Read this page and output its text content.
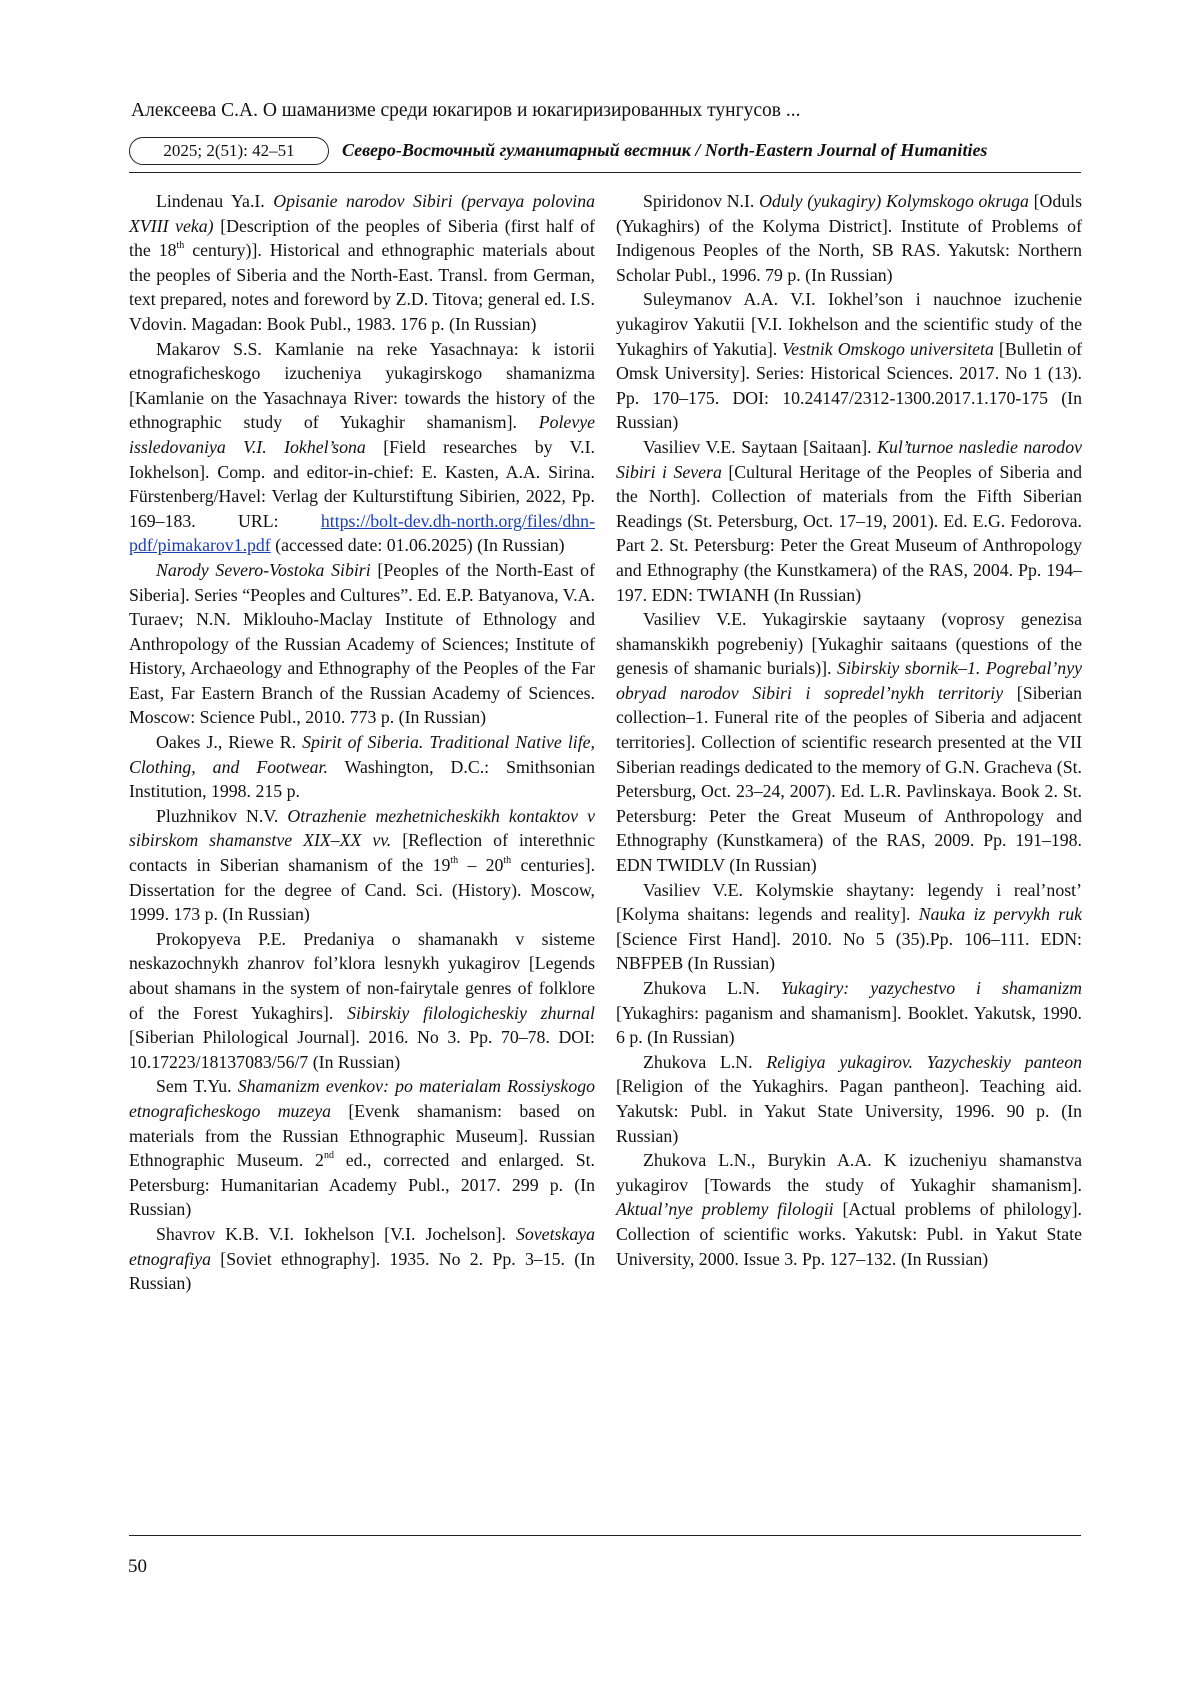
Алексеева С.А. О шаманизме среди юкагиров и юкагиризированных тунгусов ...
2025; 2(51): 42–51	Северо-Восточный гуманитарный вестник / North-Eastern Journal of Humanities

Lindenau Ya.I. Opisanie narodov Sibiri (pervaya polovina XVIII veka) [Description of the peoples of Siberia (first half of the 18th century)]. Historical and ethnographic materials about the peoples of Siberia and the North-East. Transl. from German, text prepared, notes and foreword by Z.D. Titova; general ed. I.S. Vdovin. Magadan: Book Publ., 1983. 176 p. (In Russian)

Makarov S.S. Kamlanie na reke Yasachnaya: k istorii etnograficheskogo izucheniya yukagirskogo shamanizma [Kamlanie on the Yasachnaya River: towards the history of the ethnographic study of Yukaghir shamanism]. Polevye issledovaniya V.I. Iokhel’sona [Field researches by V.I. Iokhelson]. Comp. and editor-in-chief: E. Kasten, A.A. Sirina. Fürstenberg/Havel: Verlag der Kulturstiftung Sibirien, 2022, Pp. 169–183. URL: https://bolt-dev.dh-north.org/files/dhn-pdf/pimakarov1.pdf (accessed date: 01.06.2025) (In Russian)

Narody Severo-Vostoka Sibiri [Peoples of the North-East of Siberia]. Series “Peoples and Cultures”. Ed. E.P. Batyanova, V.A. Turaev; N.N. Miklouho-Maclay Institute of Ethnology and Anthropology of the Russian Academy of Sciences; Institute of History, Archaeology and Ethnography of the Peoples of the Far East, Far Eastern Branch of the Russian Academy of Sciences. Moscow: Science Publ., 2010. 773 p. (In Russian)

Oakes J., Riewe R. Spirit of Siberia. Traditional Native life, Clothing, and Footwear. Washington, D.C.: Smithsonian Institution, 1998. 215 p.

Pluzhnikov N.V. Otrazhenie mezhetnicheskikh kontaktov v sibirskom shamanstve XIX–XX vv. [Reflection of interethnic contacts in Siberian shamanism of the 19th – 20th centuries]. Dissertation for the degree of Cand. Sci. (History). Moscow, 1999. 173 p. (In Russian)

Prokopyeva P.E. Predaniya o shamanakh v sisteme neskazochnykh zhanrov fol’klora lesnykh yukagirov [Legends about shamans in the system of non-fairytale genres of folklore of the Forest Yukaghirs]. Sibirskiy filologicheskiy zhurnal [Siberian Philological Journal]. 2016. No 3. Pp. 70–78. DOI: 10.17223/18137083/56/7 (In Russian)

Sem T.Yu. Shamanizm evenkov: po materialam Rossiyskogo etnograficheskogo muzeya [Evenk shamanism: based on materials from the Russian Ethnographic Museum]. Russian Ethnographic Museum. 2nd ed., corrected and enlarged. St. Petersburg: Humanitarian Academy Publ., 2017. 299 p. (In Russian)

Shavrov K.B. V.I. Iokhelson [V.I. Jochelson]. Sovetskaya etnografiya [Soviet ethnography]. 1935. No 2. Pp. 3–15. (In Russian)

Spiridonov N.I. Oduly (yukagiry) Kolymskogo okruga [Oduls (Yukaghirs) of the Kolyma District]. Institute of Problems of Indigenous Peoples of the North, SB RAS. Yakutsk: Northern Scholar Publ., 1996. 79 p. (In Russian)

Suleymanov A.A. V.I. Iokhel’son i nauchnoe izuchenie yukagirov Yakutii [V.I. Iokhelson and the scientific study of the Yukaghirs of Yakutia]. Vestnik Omskogo universiteta [Bulletin of Omsk University]. Series: Historical Sciences. 2017. No 1 (13). Pp. 170–175. DOI: 10.24147/2312-1300.2017.1.170-175 (In Russian)

Vasiliev V.E. Saytaan [Saitaan]. Kul’turnoe nasledie narodov Sibiri i Severa [Cultural Heritage of the Peoples of Siberia and the North]. Collection of materials from the Fifth Siberian Readings (St. Petersburg, Oct. 17–19, 2001). Ed. E.G. Fedorova. Part 2. St. Petersburg: Peter the Great Museum of Anthropology and Ethnography (the Kunstkamera) of the RAS, 2004. Pp. 194–197. EDN: TWIANH (In Russian)

Vasiliev V.E. Yukagirskie saytaany (voprosy genezisa shamanskikh pogrebeniy) [Yukaghir saitaans (questions of the genesis of shamanic burials)]. Sibirskiy sbornik–1. Pogrebal’nyy obryad narodov Sibiri i sopredel’nykh territoriy [Siberian collection–1. Funeral rite of the peoples of Siberia and adjacent territories]. Collection of scientific research presented at the VII Siberian readings dedicated to the memory of G.N. Gracheva (St. Petersburg, Oct. 23–24, 2007). Ed. L.R. Pavlinskaya. Book 2. St. Petersburg: Peter the Great Museum of Anthropology and Ethnography (Kunstkamera) of the RAS, 2009. Pp. 191–198. EDN TWIDLV (In Russian)

Vasiliev V.E. Kolymskie shaytany: legendy i real’nost’ [Kolyma shaitans: legends and reality]. Nauka iz pervykh ruk [Science First Hand]. 2010. No 5 (35).Pp. 106–111. EDN: NBFPEB (In Russian)

Zhukova L.N. Yukagiry: yazychestvo i shamanizm [Yukaghirs: paganism and shamanism]. Booklet. Yakutsk, 1990. 6 p. (In Russian)

Zhukova L.N. Religiya yukagirov. Yazycheskiy panteon [Religion of the Yukaghirs. Pagan pantheon]. Teaching aid. Yakutsk: Publ. in Yakut State University, 1996. 90 p. (In Russian)

Zhukova L.N., Burykin A.A. K izucheniyu shamanstva yukagirov [Towards the study of Yukaghir shamanism]. Aktual’nye problemy filologii [Actual problems of philology]. Collection of scientific works. Yakutsk: Publ. in Yakut State University, 2000. Issue 3. Pp. 127–132. (In Russian)

50
